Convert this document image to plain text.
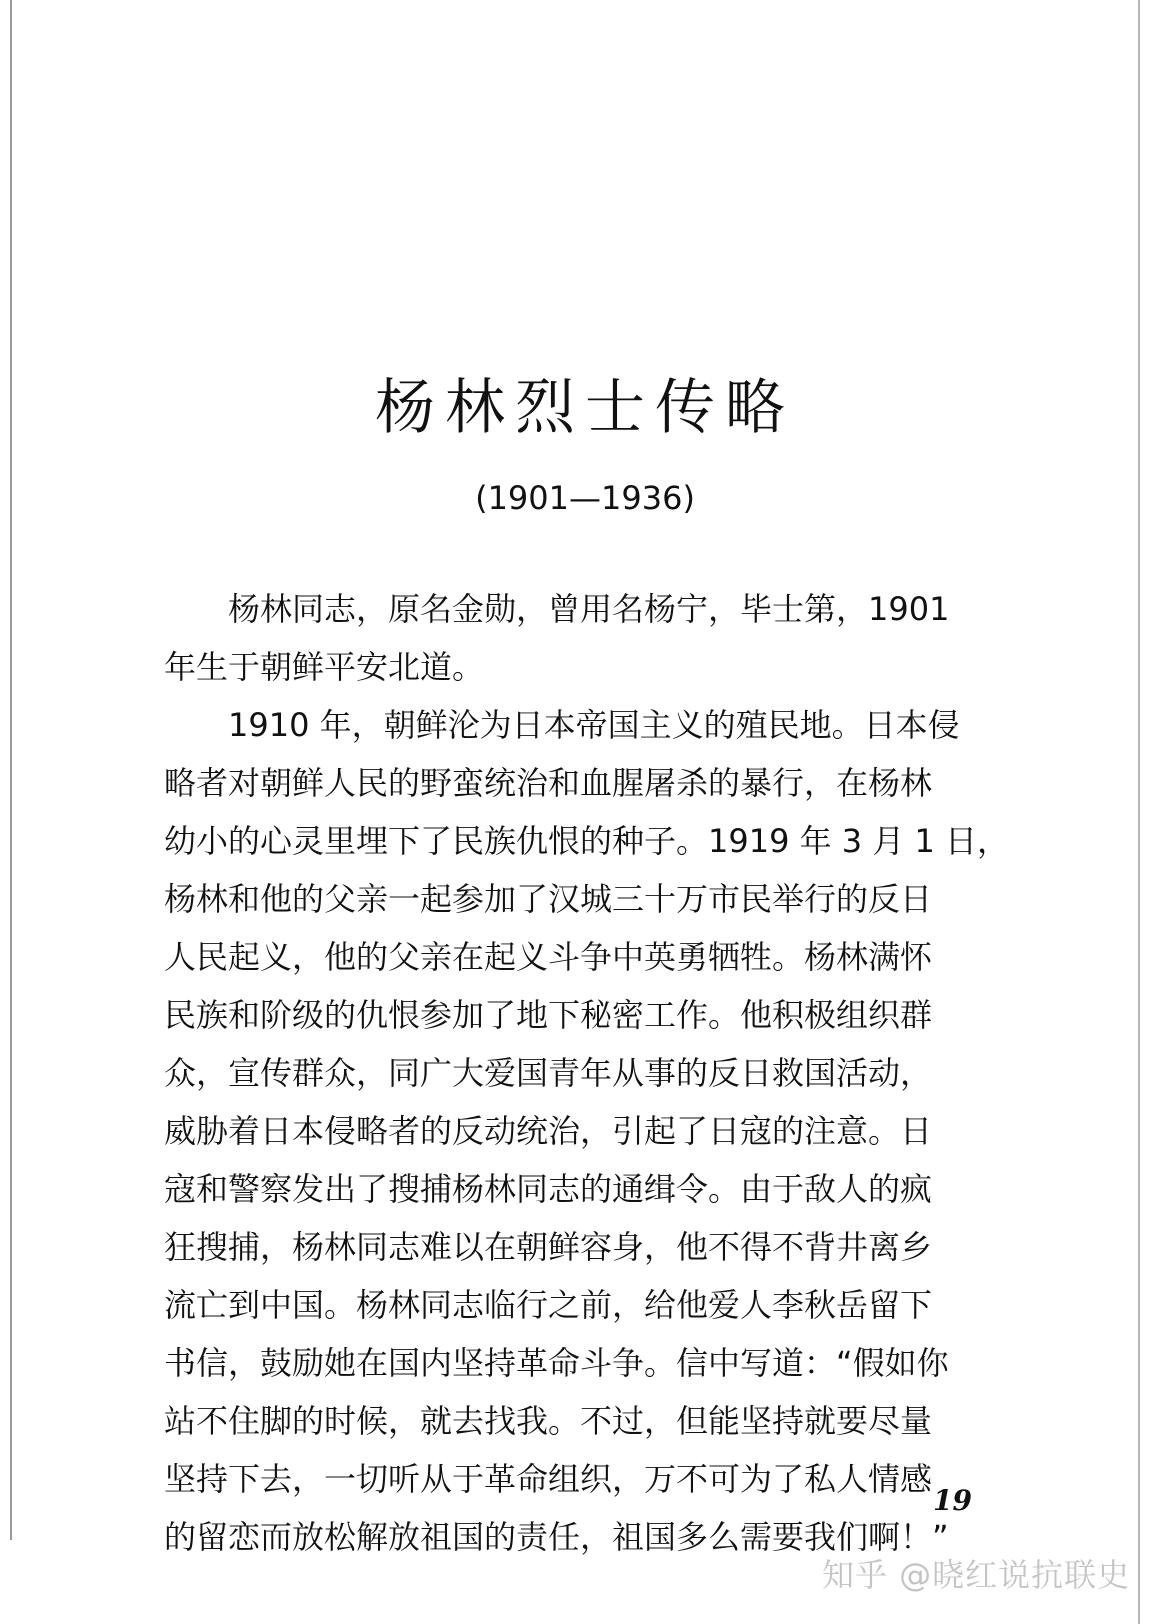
杨林烈士传略
(1901—1936)
杨林同志，原名金勋，曾用名杨宁，毕士第，1901
年生于朝鲜平安北道。
1910 年，朝鲜沦为日本帝国主义的殖民地。日本侵
略者对朝鲜人民的野蛮统治和血腥屠杀的暴行，在杨林
幼小的心灵里埋下了民族仇恨的种子。1919 年 3 月 1 日，
杨林和他的父亲一起参加了汉城三十万市民举行的反日
人民起义，他的父亲在起义斗争中英勇牺牲。杨林满怀
民族和阶级的仇恨参加了地下秘密工作。他积极组织群
众，宣传群众，同广大爱国青年从事的反日救国活动，
威胁着日本侵略者的反动统治，引起了日寇的注意。日
寇和警察发出了搜捕杨林同志的通缉令。由于敌人的疯
狂搜捕，杨林同志难以在朝鲜容身，他不得不背井离乡
流亡到中国。杨林同志临行之前，给他爱人李秋岳留下
书信，鼓励她在国内坚持革命斗争。信中写道：“假如你
站不住脚的时候，就去找我。不过，但能坚持就要尽量
坚持下去，一切听从于革命组织，万不可为了私人情感
的留恋而放松解放祖国的责任，祖国多么需要我们啊！”
19
知乎 @晓红说抗联史
